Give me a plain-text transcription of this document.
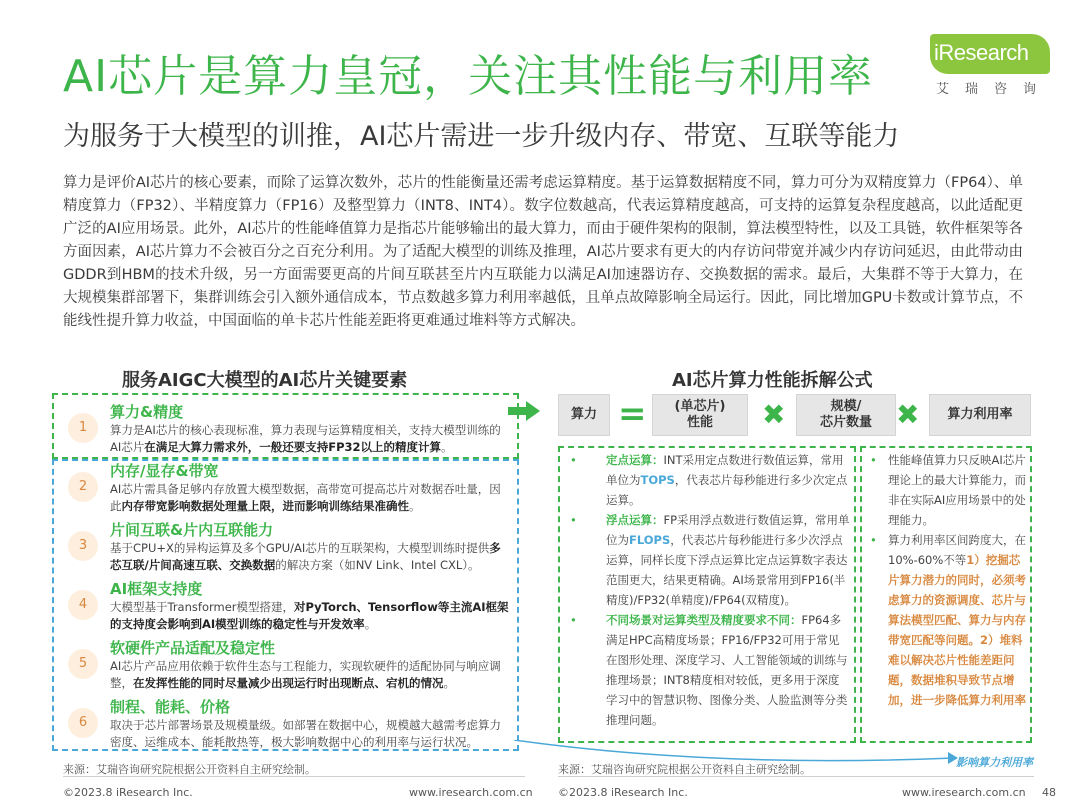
AI芯片是算力皇冠，关注其性能与利用率	iResearch
艾瑞咨询
为服务于大模型的训推，AI芯片需进一步升级内存、带宽、互联等能力
算力是评价AI芯片的核心要素，而除了运算次数外，芯片的性能衡量还需考虑运算精度。基于运算数据精度不同，算力可分为双精度算力（FP64）、单精度算力（FP32）、半精度算力（FP16）及整型算力（INT8、INT4）。数字位数越高，代表运算精度越高，可支持的运算复杂程度越高，以此适配更广泛的AI应用场景。此外，AI芯片的性能峰值算力是指芯片能够输出的最大算力，而由于硬件架构的限制，算法模型特性，以及工具链，软件框架等各方面因素，AI芯片算力不会被百分之百充分利用。为了适配大模型的训练及推理，AI芯片要求有更大的内存访问带宽并减少内存访问延迟，由此带动由GDDR到HBM的技术升级，另一方面需要更高的片间互联甚至片内互联能力以满足AI加速器访存、交换数据的需求。最后，大集群不等于大算力，在大规模集群部署下，集群训练会引入额外通信成本，节点数越多算力利用率越低，且单点故障影响全局运行。因此，同比增加GPU卡数或计算节点，不能线性提升算力收益，中国面临的单卡芯片性能差距将更难通过堆料等方式解决。
服务AIGC大模型的AI芯片关键要素	AI芯片算力性能拆解公式
1
算力&精度
算力是AI芯片的核心表现标准，算力表现与运算精度相关，支持大模型训练的AI芯片在满足大算力需求外，一般还要支持FP32以上的精度计算。
2
内存/显存&带宽
AI芯片需具备足够内存放置大模型数据，高带宽可提高芯片对数据吞吐量，因此内存带宽影响数据处理量上限，进而影响训练结果准确性。
3
片间互联&片内互联能力
基于CPU+X的异构运算及多个GPU/AI芯片的互联架构，大模型训练时提供多芯互联/片间高速互联、交换数据的解决方案（如NV Link、Intel CXL）。
4
AI框架支持度
大模型基于Transformer模型搭建，对PyTorch、Tensorflow等主流AI框架的支持度会影响到AI模型训练的稳定性与开发效率。
5
软硬件产品适配及稳定性
AI芯片产品应用依赖于软件生态与工程能力，实现软硬件的适配协同与响应调整，在发挥性能的同时尽量减少出现运行时出现断点、宕机的情况。
6
制程、能耗、价格
取决于芯片部署场景及规模量级。如部署在数据中心，规模越大越需考虑算力密度、运维成本、能耗散热等，极大影响数据中心的利用率与运行状况。
算力 =	(单芯片)
性能	✖	规模/
芯片数量 ✖	算力利用率
• 定点运算：INT采用定点数进行数值运算，常用单位为TOPS，代表芯片每秒能进行多少次定点运算。
• 浮点运算：FP采用浮点数进行数值运算，常用单位为FLOPS，代表芯片每秒能进行多少次浮点运算，同样长度下浮点运算比定点运算数字表达范围更大，结果更精确。AI场景常用到FP16(半精度)/FP32(单精度)/FP64(双精度)。
• 不同场景对运算类型及精度要求不同：FP64多满足HPC高精度场景；FP16/FP32可用于常见在图形处理、深度学习、人工智能领域的训练与推理场景；INT8精度相对较低，更多用于深度学习中的智慧识物、图像分类、人脸监测等分类推理问题。
• 性能峰值算力只反映AI芯片理论上的最大计算能力，而非在实际AI应用场景中的处理能力。
• 算力利用率区间跨度大，在10%-60%不等1）挖掘芯片算力潜力的同时，必须考虑算力的资源调度、芯片与算法模型匹配、算力与内存带宽匹配等问题。2）堆料难以解决芯片性能差距问题，数据堆积导致节点增加，进一步降低算力利用率
影响算力利用率
来源：艾瑞咨询研究院根据公开资料自主研究绘制。	来源：艾瑞咨询研究院根据公开资料自主研究绘制。
©2023.8 iResearch Inc.	www.iresearch.com.cn ©2023.8 iResearch Inc.	www.iresearch.com.cn 48
